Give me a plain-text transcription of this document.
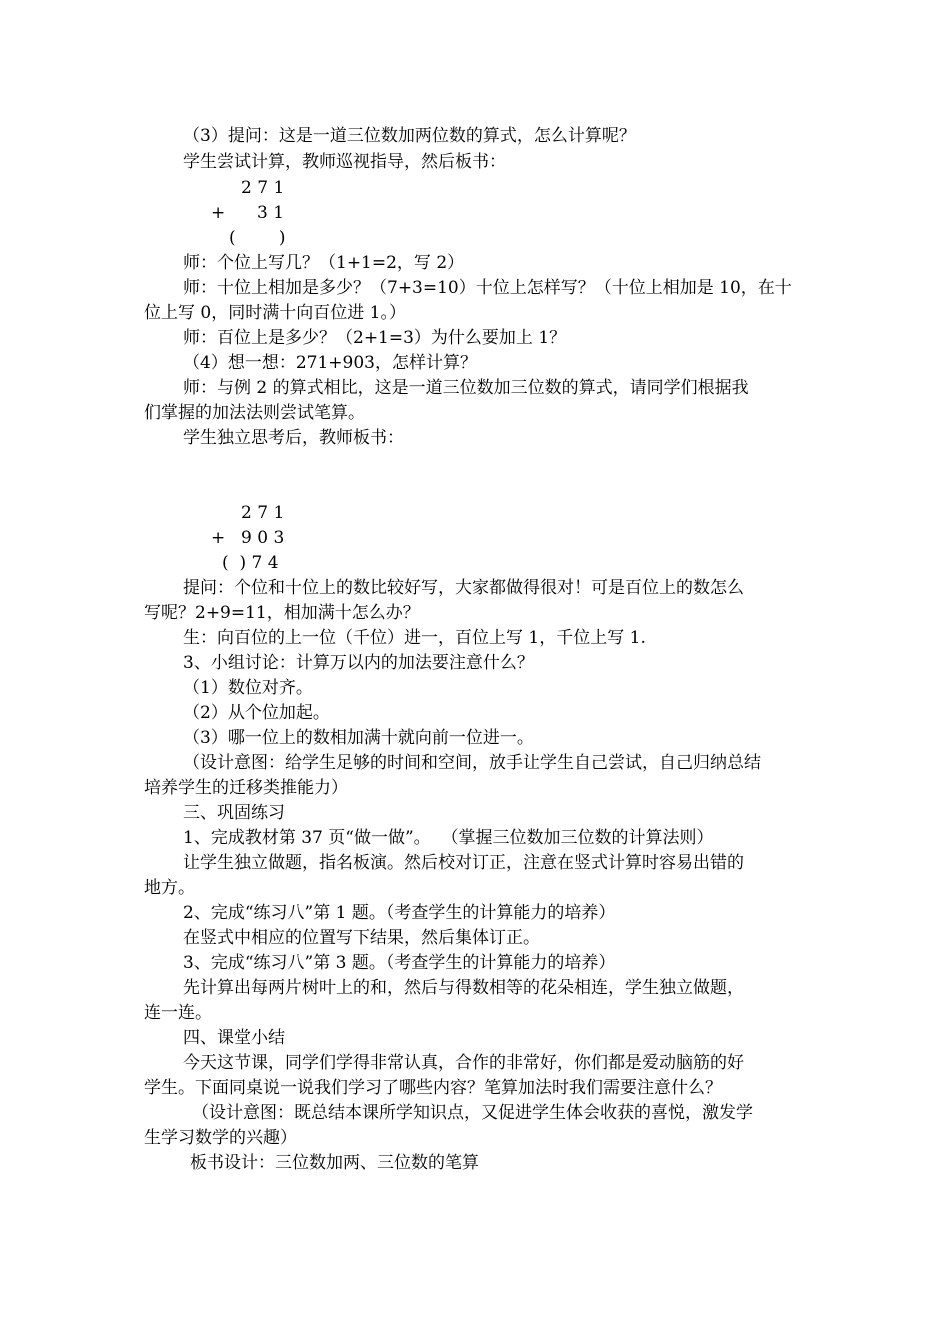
（3）提问：这是一道三位数加两位数的算式，怎么计算呢？
学生尝试计算，教师巡视指导，然后板书：
2 7 1
+ 3 1
(        )
师：个位上写几？（1+1=2，写 2）
师：十位上相加是多少？（7+3=10）十位上怎样写？（十位上相加是 10，在十
位上写 0，同时满十向百位进 1。）
师：百位上是多少？（2+1=3）为什么要加上 1？
（4）想一想：271+903，怎样计算？
师：与例 2 的算式相比，这是一道三位数加三位数的算式，请同学们根据我
们掌握的加法法则尝试笔算。
学生独立思考后，教师板书：
2 7 1
+ 9 0 3
(  ) 7 4
提问：个位和十位上的数比较好写，大家都做得很对！可是百位上的数怎么
写呢？2+9=11，相加满十怎么办？
生：向百位的上一位（千位）进一，百位上写 1，千位上写 1.
3、小组讨论：计算万以内的加法要注意什么？
（1）数位对齐。
（2）从个位加起。
（3）哪一位上的数相加满十就向前一位进一。
（设计意图：给学生足够的时间和空间，放手让学生自己尝试，自己归纳总结
培养学生的迁移类推能力）
三、巩固练习
1、完成教材第 37 页“做一做”。  （掌握三位数加三位数的计算法则）
让学生独立做题，指名板演。然后校对订正，注意在竖式计算时容易出错的
地方。
2、完成“练习八”第 1 题。（考查学生的计算能力的培养）
在竖式中相应的位置写下结果，然后集体订正。
3、完成“练习八”第 3 题。（考查学生的计算能力的培养）
先计算出每两片树叶上的和，然后与得数相等的花朵相连，学生独立做题，
连一连。
四、课堂小结
今天这节课，同学们学得非常认真，合作的非常好，你们都是爱动脑筋的好
学生。下面同桌说一说我们学习了哪些内容？笔算加法时我们需要注意什么？
（设计意图：既总结本课所学知识点，又促进学生体会收获的喜悦，激发学
生学习数学的兴趣）
板书设计：三位数加两、三位数的笔算
